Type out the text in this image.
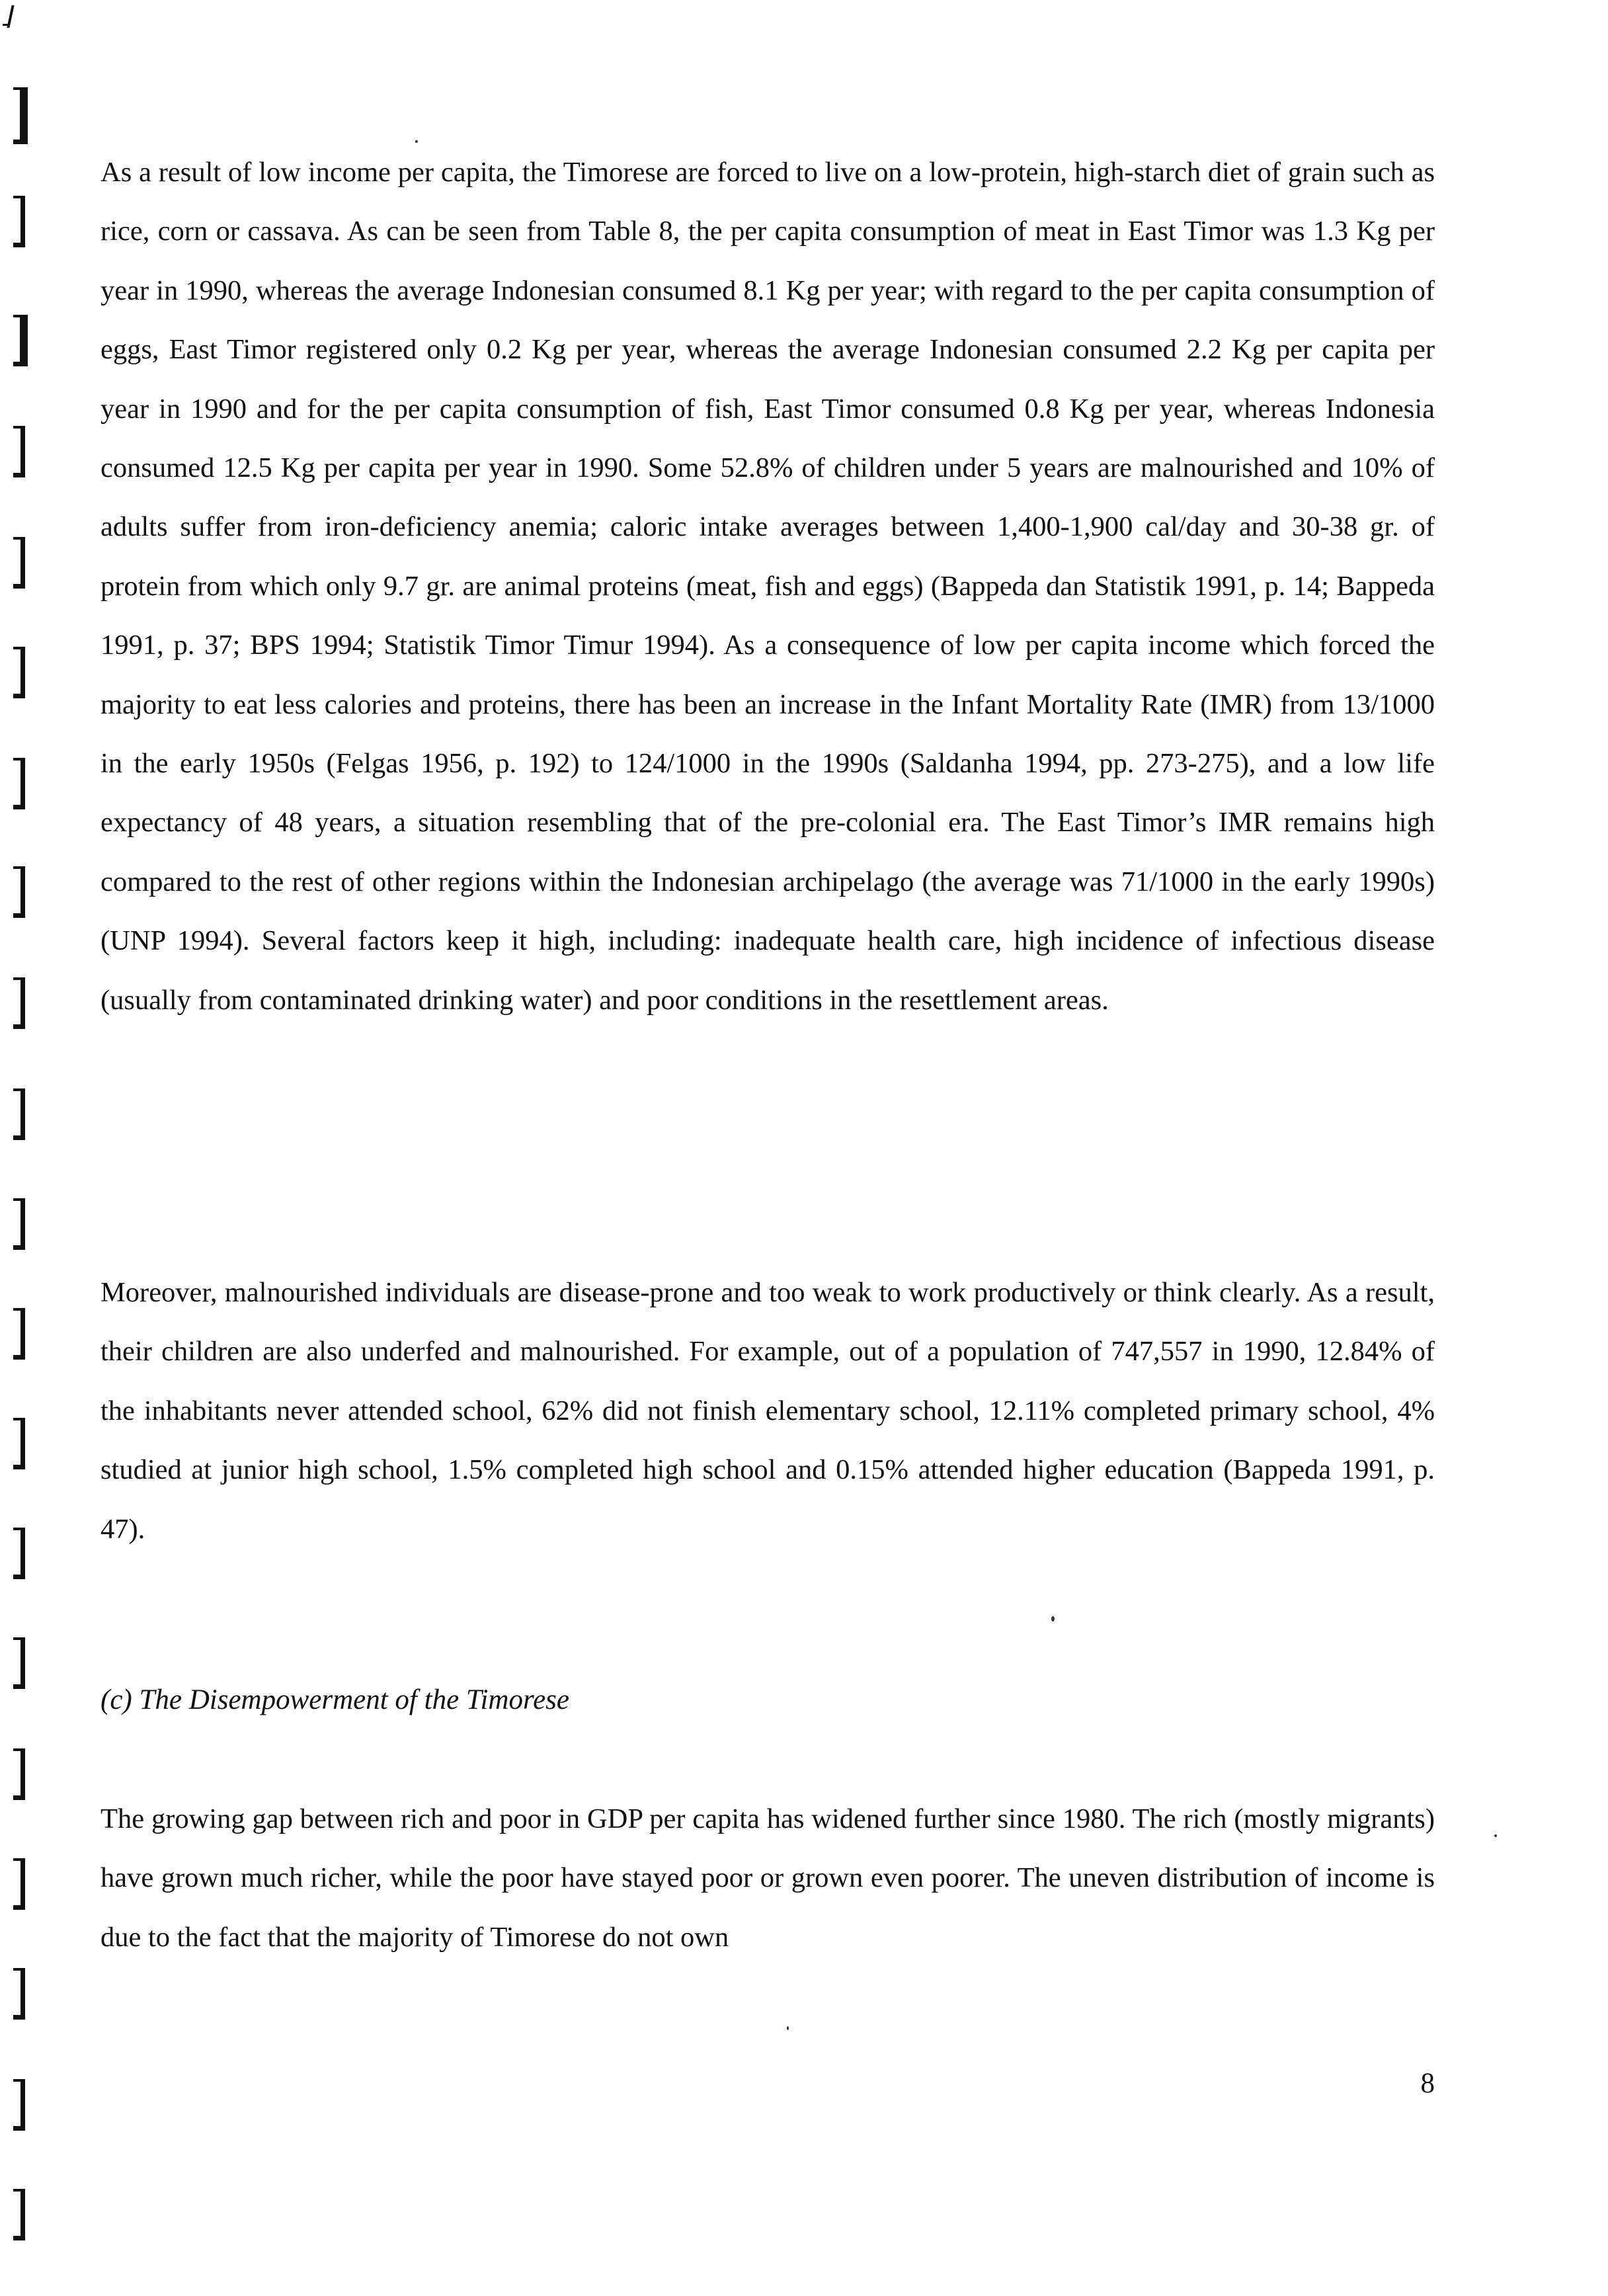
As a result of low income per capita, the Timorese are forced to live on a low-protein, high-starch diet of grain such as rice, corn or cassava. As can be seen from Table 8, the per capita consumption of meat in East Timor was 1.3 Kg per year in 1990, whereas the average Indonesian consumed 8.1 Kg per year; with regard to the per capita consumption of eggs, East Timor registered only 0.2 Kg per year, whereas the average Indonesian consumed 2.2 Kg per capita per year in 1990 and for the per capita consumption of fish, East Timor consumed 0.8 Kg per year, whereas Indonesia consumed 12.5 Kg per capita per year in 1990. Some 52.8% of children under 5 years are malnourished and 10% of adults suffer from iron-deficiency anemia; caloric intake averages between 1,400-1,900 cal/day and 30-38 gr. of protein from which only 9.7 gr. are animal proteins (meat, fish and eggs) (Bappeda dan Statistik 1991, p. 14; Bappeda 1991, p. 37; BPS 1994; Statistik Timor Timur 1994). As a consequence of low per capita income which forced the majority to eat less calories and proteins, there has been an increase in the Infant Mortality Rate (IMR) from 13/1000 in the early 1950s (Felgas 1956, p. 192) to 124/1000 in the 1990s (Saldanha 1994, pp. 273-275), and a low life expectancy of 48 years, a situation resembling that of the pre-colonial era. The East Timor’s IMR remains high compared to the rest of other regions within the Indonesian archipelago (the average was 71/1000 in the early 1990s) (UNP 1994). Several factors keep it high, including: inadequate health care, high incidence of infectious disease (usually from contaminated drinking water) and poor conditions in the resettlement areas.

Moreover, malnourished individuals are disease-prone and too weak to work productively or think clearly. As a result, their children are also underfed and malnourished. For example, out of a population of 747,557 in 1990, 12.84% of the inhabitants never attended school, 62% did not finish elementary school, 12.11% completed primary school, 4% studied at junior high school, 1.5% completed high school and 0.15% attended higher education (Bappeda 1991, p. 47).

(c) The Disempowerment of the Timorese

The growing gap between rich and poor in GDP per capita has widened further since 1980. The rich (mostly migrants) have grown much richer, while the poor have stayed poor or grown even poorer. The uneven distribution of income is due to the fact that the majority of Timorese do not own

8
